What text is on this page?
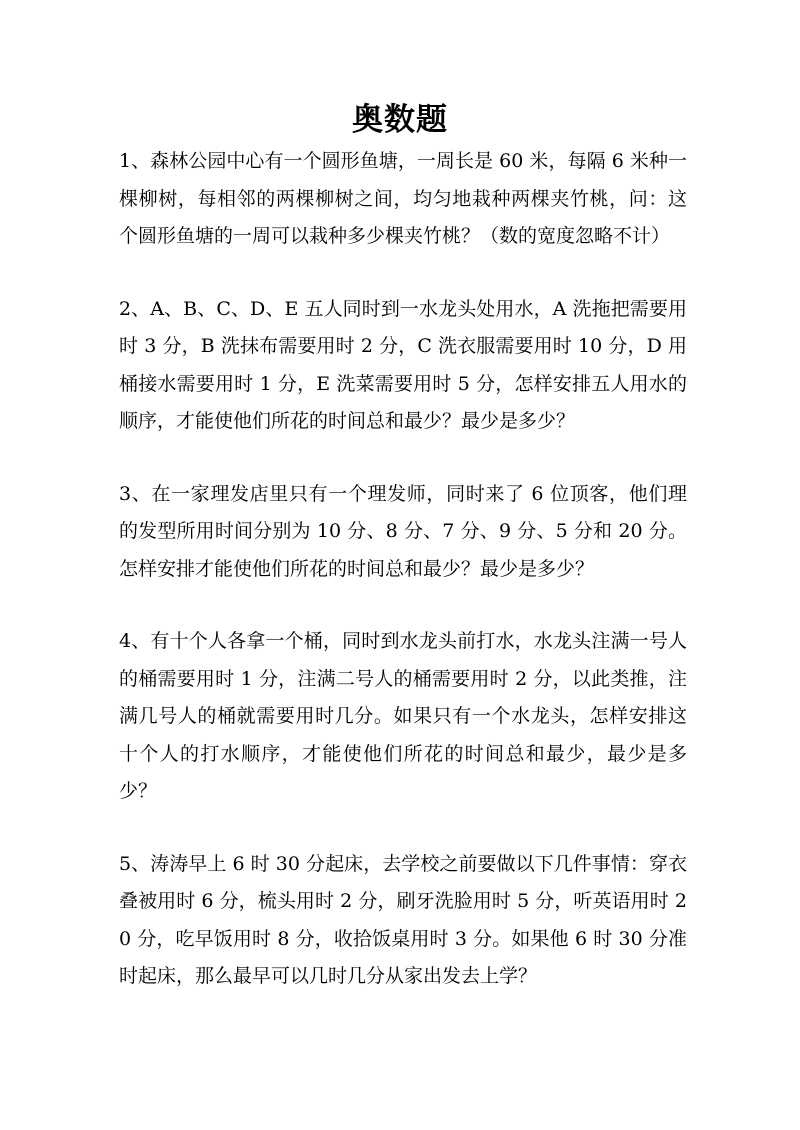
奥数题

1、森林公园中心有一个圆形鱼塘，一周长是 60 米，每隔 6 米种一棵柳树，每相邻的两棵柳树之间，均匀地栽种两棵夹竹桃，问：这个圆形鱼塘的一周可以栽种多少棵夹竹桃？（数的宽度忽略不计）

2、A、B、C、D、E 五人同时到一水龙头处用水，A 洗拖把需要用时 3 分，B 洗抹布需要用时 2 分，C 洗衣服需要用时 10 分，D 用桶接水需要用时 1 分，E 洗菜需要用时 5 分，怎样安排五人用水的顺序，才能使他们所花的时间总和最少？最少是多少？

3、在一家理发店里只有一个理发师，同时来了 6 位顶客，他们理的发型所用时间分别为 10 分、8 分、7 分、9 分、5 分和 20 分。怎样安排才能使他们所花的时间总和最少？最少是多少？

4、有十个人各拿一个桶，同时到水龙头前打水，水龙头注满一号人的桶需要用时 1 分，注满二号人的桶需要用时 2 分，以此类推，注满几号人的桶就需要用时几分。如果只有一个水龙头，怎样安排这十个人的打水顺序，才能使他们所花的时间总和最少，最少是多少？

5、涛涛早上 6 时 30 分起床，去学校之前要做以下几件事情：穿衣叠被用时 6 分，梳头用时 2 分，刷牙洗脸用时 5 分，听英语用时 20 分，吃早饭用时 8 分，收拾饭桌用时 3 分。如果他 6 时 30 分准时起床，那么最早可以几时几分从家出发去上学？
